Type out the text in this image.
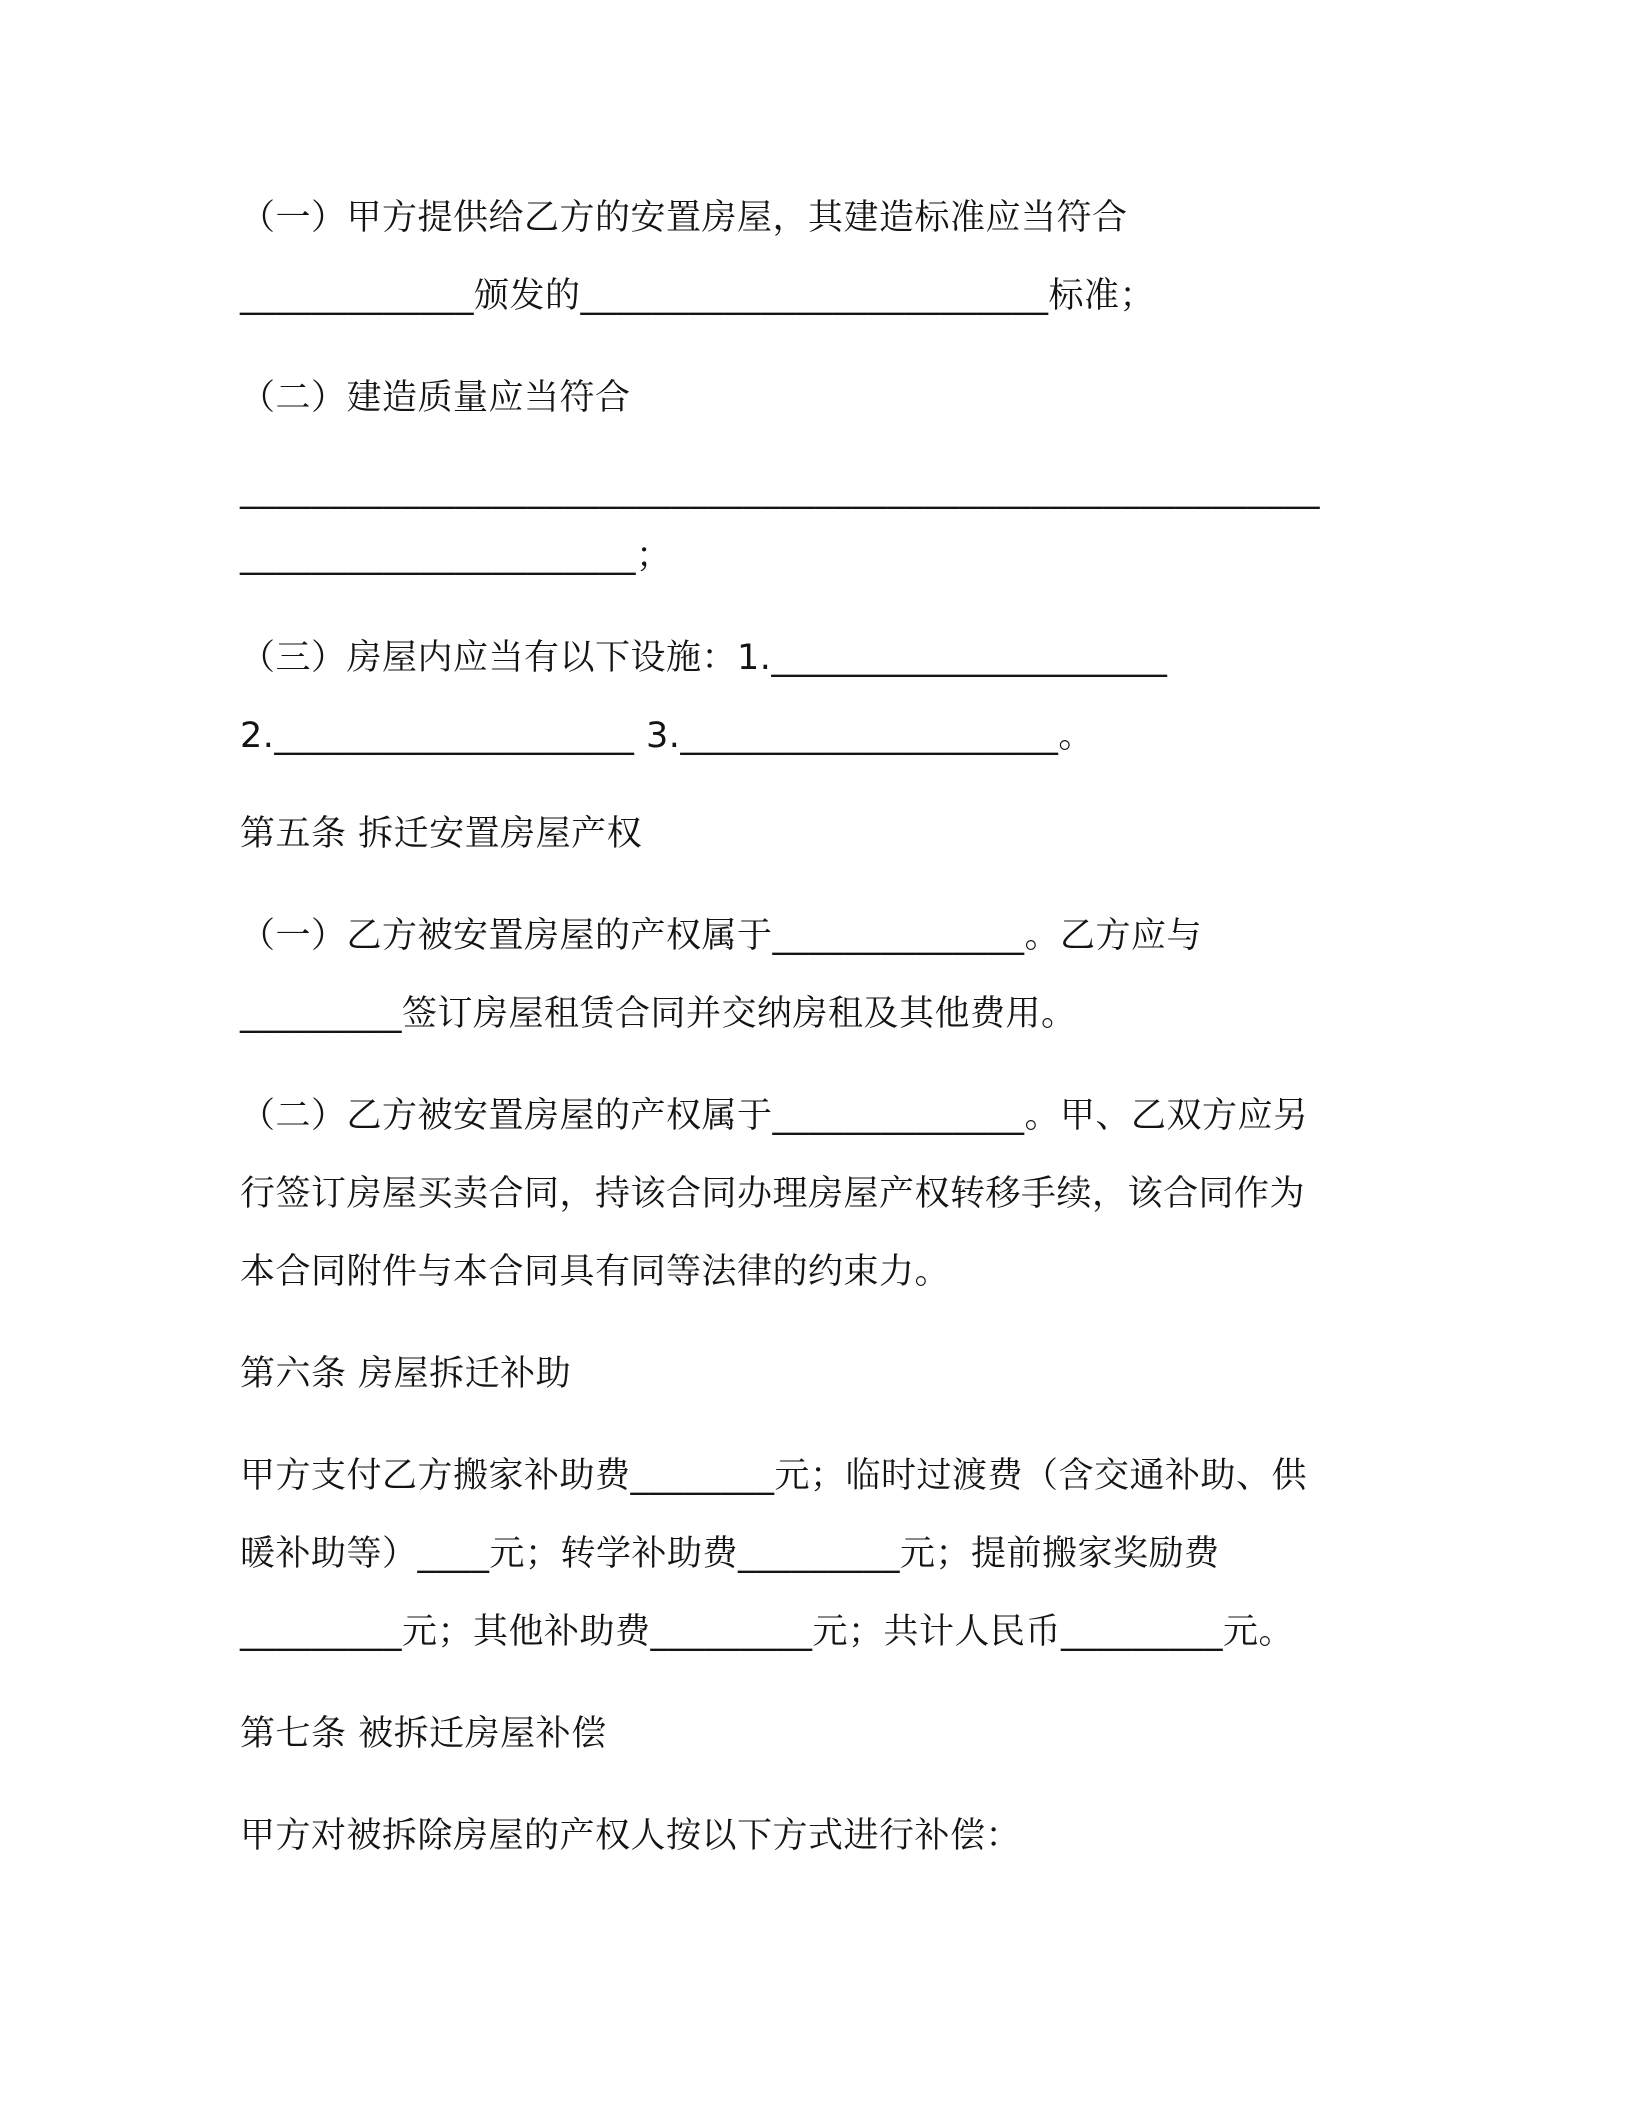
（一）甲方提供给乙方的安置房屋，其建造标准应当符合

_____________颁发的__________________________标准；

（二）建造质量应当符合

____________________________________________________________

______________________；

（三）房屋内应当有以下设施：1.______________________

2.____________________ 3._____________________。

第五条 拆迁安置房屋产权

（一）乙方被安置房屋的产权属于______________。乙方应与

_________签订房屋租赁合同并交纳房租及其他费用。

（二）乙方被安置房屋的产权属于______________。甲、乙双方应另

行签订房屋买卖合同，持该合同办理房屋产权转移手续，该合同作为

本合同附件与本合同具有同等法律的约束力。

第六条 房屋拆迁补助

甲方支付乙方搬家补助费________元；临时过渡费（含交通补助、供

暖补助等）____元；转学补助费_________元；提前搬家奖励费

_________元；其他补助费_________元；共计人民币_________元。

第七条 被拆迁房屋补偿

甲方对被拆除房屋的产权人按以下方式进行补偿：
